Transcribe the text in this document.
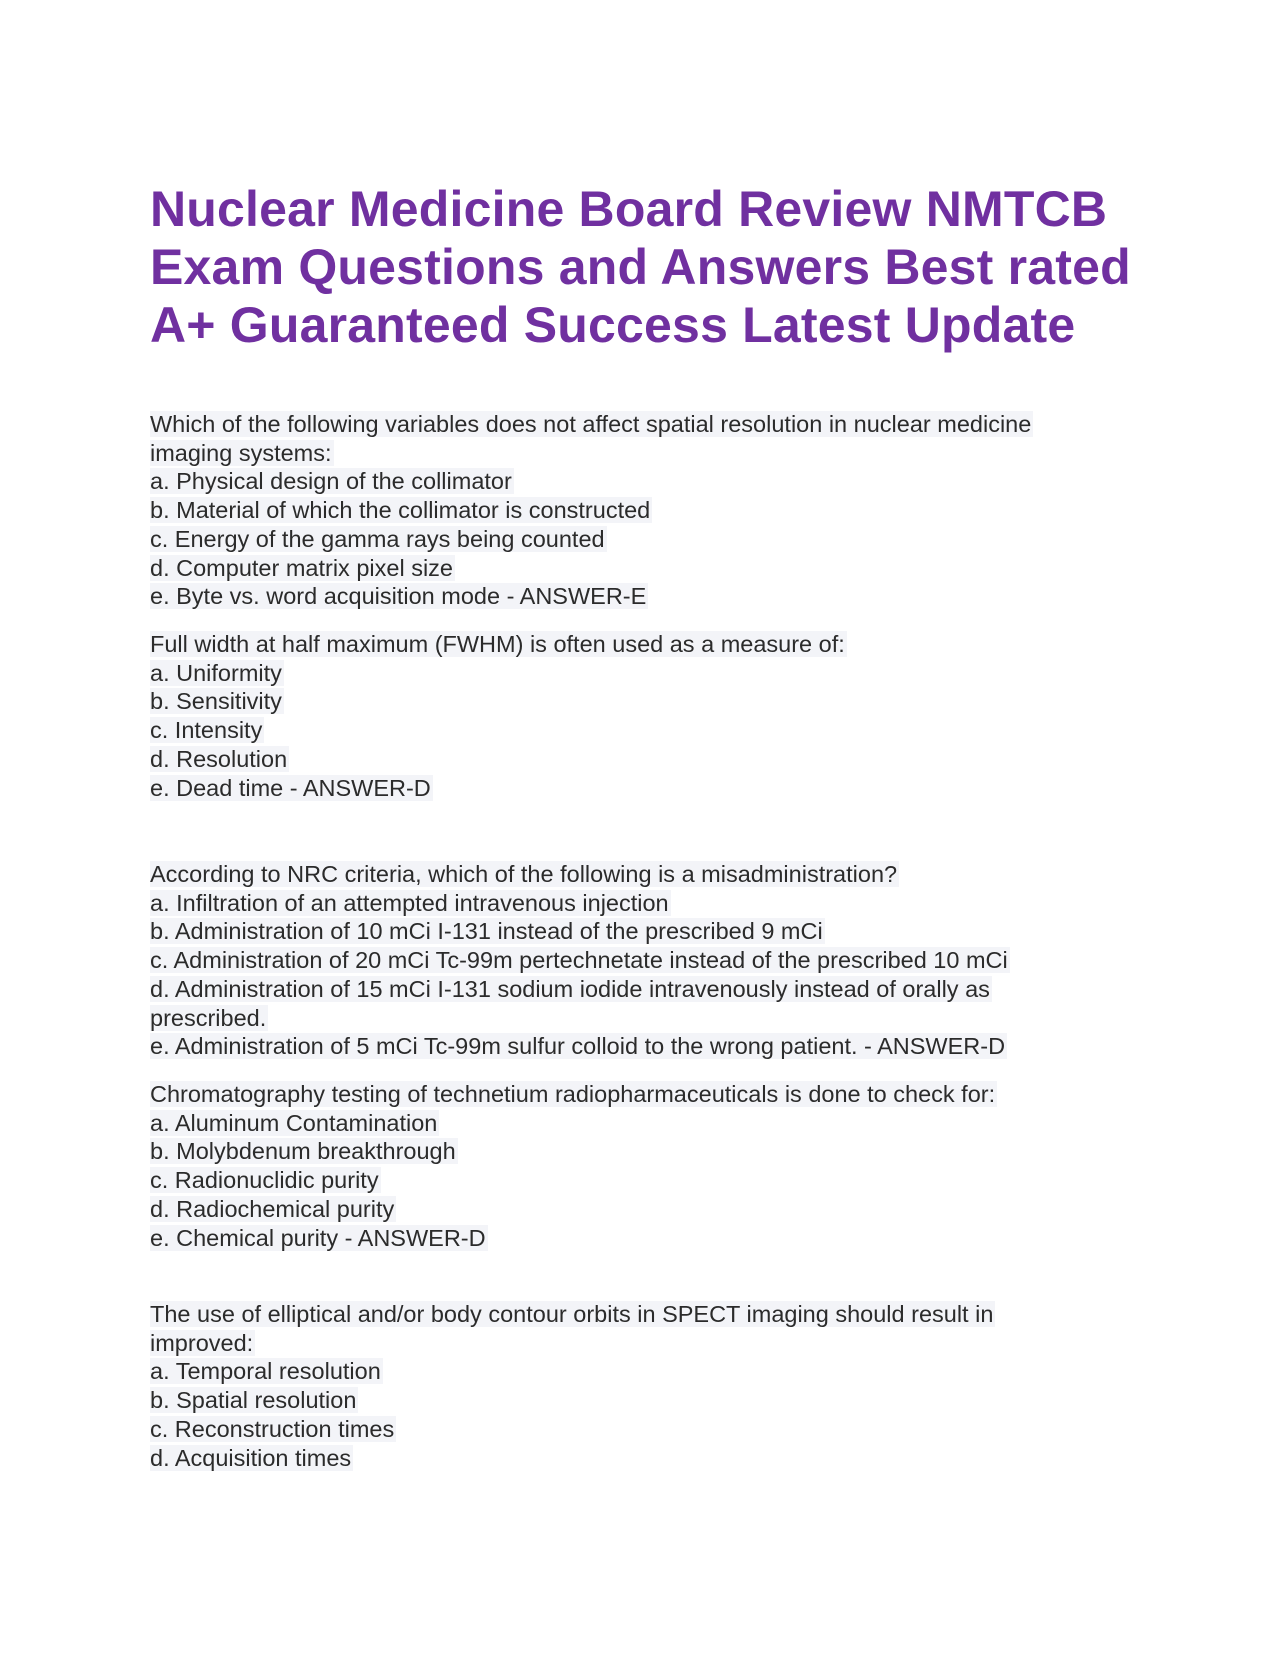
Nuclear Medicine Board Review NMTCB Exam Questions and Answers Best rated A+ Guaranteed Success Latest Update
Which of the following variables does not affect spatial resolution in nuclear medicine
imaging systems:
a. Physical design of the collimator
b. Material of which the collimator is constructed
c. Energy of the gamma rays being counted
d. Computer matrix pixel size
e. Byte vs. word acquisition mode - ANSWER-E
Full width at half maximum (FWHM) is often used as a measure of:
a. Uniformity
b. Sensitivity
c. Intensity
d. Resolution
e. Dead time - ANSWER-D
According to NRC criteria, which of the following is a misadministration?
a. Infiltration of an attempted intravenous injection
b. Administration of 10 mCi I-131 instead of the prescribed 9 mCi
c. Administration of 20 mCi Tc-99m pertechnetate instead of the prescribed 10 mCi
d. Administration of 15 mCi I-131 sodium iodide intravenously instead of orally as
prescribed.
e. Administration of 5 mCi Tc-99m sulfur colloid to the wrong patient. - ANSWER-D
Chromatography testing of technetium radiopharmaceuticals is done to check for:
a. Aluminum Contamination
b. Molybdenum breakthrough
c. Radionuclidic purity
d. Radiochemical purity
e. Chemical purity - ANSWER-D
The use of elliptical and/or body contour orbits in SPECT imaging should result in
improved:
a. Temporal resolution
b. Spatial resolution
c. Reconstruction times
d. Acquisition times
